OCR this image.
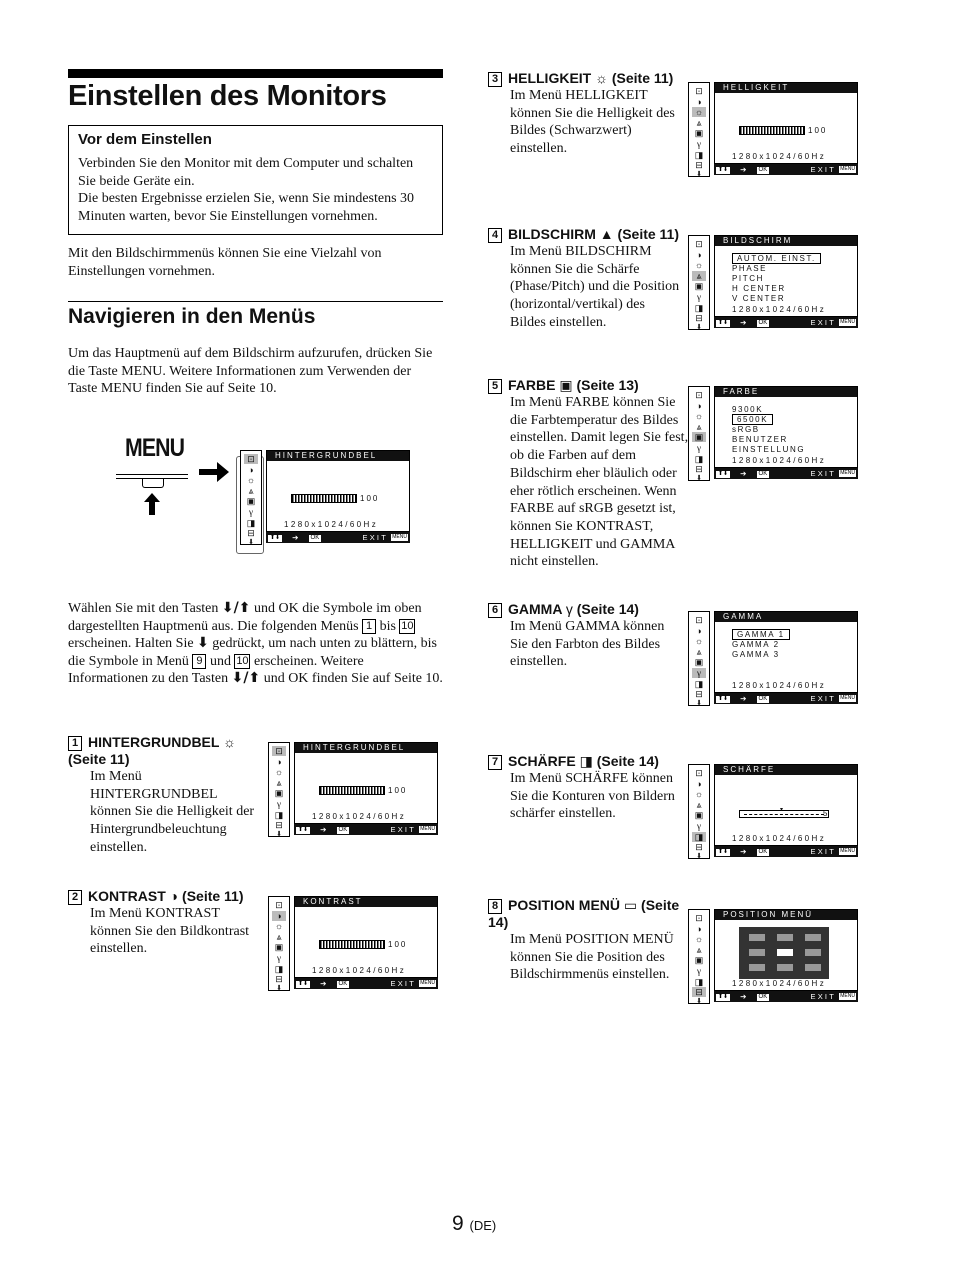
Einstellen des Monitors
Vor dem Einstellen
Verbinden Sie den Monitor mit dem Computer und schalten Sie beide Geräte ein.
Die besten Ergebnisse erzielen Sie, wenn Sie mindestens 30 Minuten warten, bevor Sie Einstellungen vornehmen.
Mit den Bildschirmmenüs können Sie eine Vielzahl von Einstellungen vornehmen.
Navigieren in den Menüs
Um das Hauptmenü auf dem Bildschirm aufzurufen, drücken Sie die Taste MENU. Weitere Informationen zum Verwenden der Taste MENU finden Sie auf Seite 10.
MENU	⊡
◑
☼
⩓
▣
γ
◨
⊟
⬇
HINTERGRUNDBEL
100
1280x1024/60Hz
⬆⬇ ➔ OK	EXIT MENU
Wählen Sie mit den Tasten ⬇/⬆ und OK die Symbole im oben dargestellten Hauptmenü aus. Die folgenden Menüs 1 bis 10 erscheinen. Halten Sie ⬇ gedrückt, um nach unten zu blättern, bis die Symbole in Menü 9 und 10 erscheinen. Weitere Informationen zu den Tasten ⬇/⬆ und OK finden Sie auf Seite 10.
1 HINTERGRUNDBEL ☼ (Seite 11)
Im Menü HINTERGRUNDBEL können Sie die Helligkeit der Hintergrundbeleuchtung einstellen.
⊡
◑
☼
⩓
▣
γ
◨
⊟
⬇
HINTERGRUNDBEL
100
1280x1024/60Hz
⬆⬇ ➔ OK	EXIT MENU
2 KONTRAST ◑ (Seite 11)
Im Menü KONTRAST können Sie den Bildkontrast einstellen.
⊡
◑
☼
⩓
▣
γ
◨
⊟
⬇
KONTRAST
100
1280x1024/60Hz
⬆⬇ ➔ OK	EXIT MENU
3 HELLIGKEIT ☼ (Seite 11)
Im Menü HELLIGKEIT können Sie die Helligkeit des Bildes (Schwarzwert) einstellen.
⊡
◑
☼
⩓
▣
γ
◨
⊟
⬇
HELLIGKEIT
100
1280x1024/60Hz
⬆⬇ ➔ OK	EXIT MENU
4 BILDSCHIRM ▲ (Seite 11)
Im Menü BILDSCHIRM können Sie die Schärfe (Phase/Pitch) und die Position (horizontal/vertikal) des Bildes einstellen.
⊡
◑
☼
⩓
▣
γ
◨
⊟
⬇
BILDSCHIRM
AUTOM. EINST.
PHASE
PITCH
H CENTER
V CENTER
1280x1024/60Hz
⬆⬇ ➔ OK	EXIT MENU
5 FARBE ▣ (Seite 13)
Im Menü FARBE können Sie die Farbtemperatur des Bildes einstellen. Damit legen Sie fest, ob die Farben auf dem Bildschirm eher bläulich oder eher rötlich erscheinen. Wenn FARBE auf sRGB gesetzt ist, können Sie KONTRAST, HELLIGKEIT und GAMMA nicht einstellen.
⊡
◑
☼
⩓
▣
γ
◨
⊟
⬇
FARBE
9300K
6500K
sRGB
BENUTZER
EINSTELLUNG
1280x1024/60Hz
⬆⬇ ➔ OK	EXIT MENU
6 GAMMA γ (Seite 14)
Im Menü GAMMA können Sie den Farbton des Bildes einstellen.
⊡
◑
☼
⩓
▣
γ
◨
⊟
⬇
GAMMA
GAMMA 1
GAMMA 2
GAMMA 3
1280x1024/60Hz
⬆⬇ ➔ OK	EXIT MENU
7 SCHÄRFE ◨ (Seite 14)
Im Menü SCHÄRFE können Sie die Konturen von Bildern schärfer einstellen.
⊡
◑
☼
⩓
▣
γ
◨
⊟
⬇
SCHÄRFE
▾	5
1280x1024/60Hz
⬆⬇ ➔ OK	EXIT MENU
8 POSITION MENÜ ▭ (Seite 14)
Im Menü POSITION MENÜ können Sie die Position des Bildschirmmenüs einstellen.
⊡
◑
☼
⩓
▣
γ
◨
⊟
⬇
POSITION MENÜ
1280x1024/60Hz
⬆⬇ ➔ OK	EXIT MENU
9 (DE)
